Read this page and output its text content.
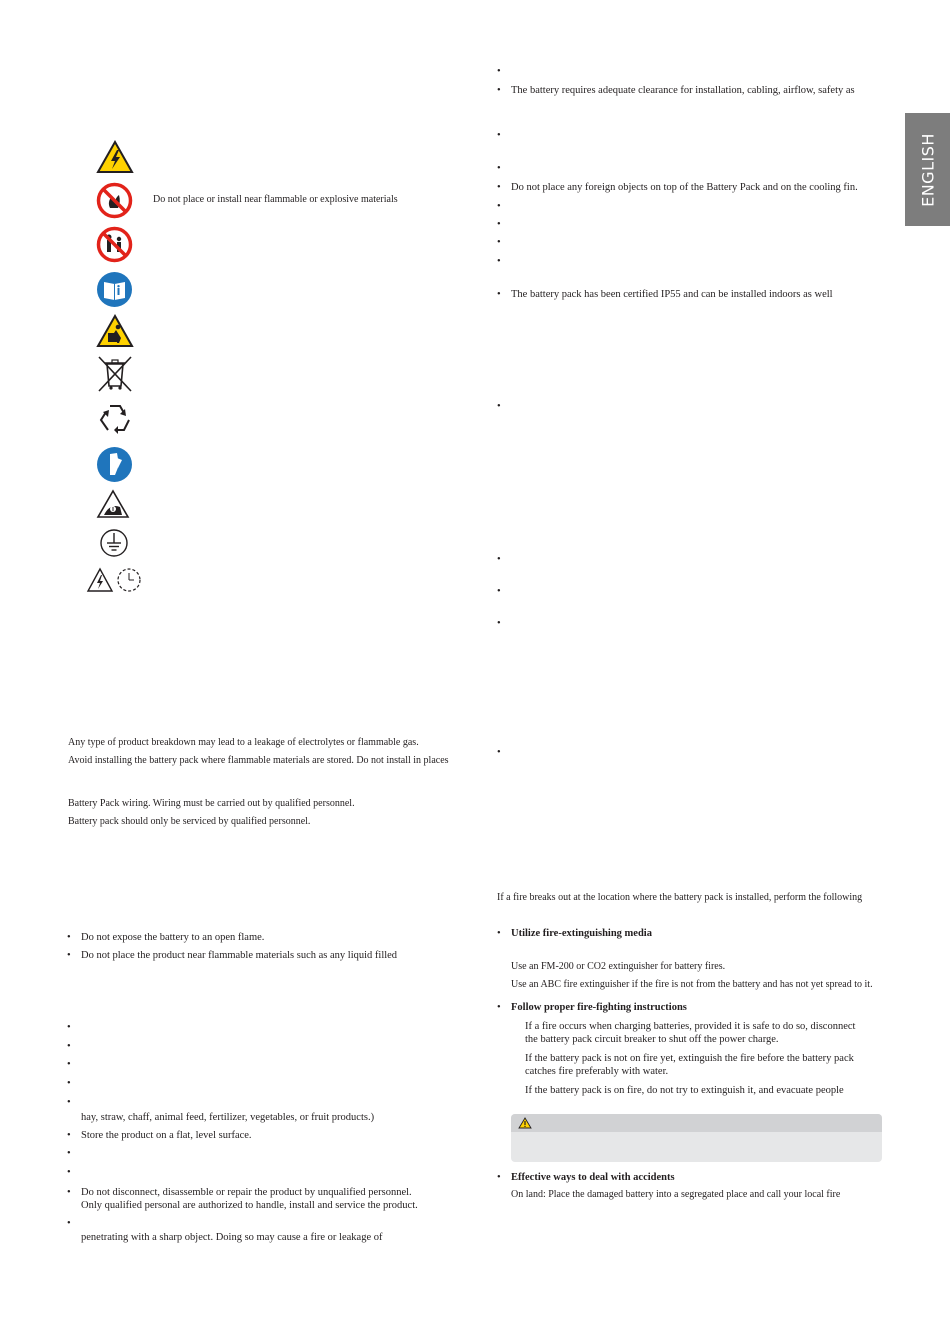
ENGLISH
Do not place or install near flammable or explosive materials
Any type of product breakdown may lead to a leakage of electrolytes or flammable gas.
Avoid installing the battery pack where flammable materials are stored. Do not install in places
Battery Pack wiring. Wiring must be carried out by qualified personnel.
Battery pack should only be serviced by qualified personnel.
• Do not expose the battery to an open flame.
• Do not place the product near flammable materials such as any liquid filled
•
•
•
•
•
hay, straw, chaff, animal feed, fertilizer, vegetables, or fruit products.)
• Store the product on a flat, level surface.
•
•
• Do not disconnect, disassemble or repair the product by unqualified personnel.
Only qualified personal are authorized to handle, install and service the product.
•
penetrating with a sharp object. Doing so may cause a fire or leakage of
•
• The battery requires adequate clearance for installation, cabling, airflow, safety as
•
•
• Do not place any foreign objects on top of the Battery Pack and on the cooling fin.
•
•
•
•
• The battery pack has been certified IP55 and can be installed indoors as well
•
•
•
•
•
If a fire breaks out at the location where the battery pack is installed, perform the following
• Utilize fire-extinguishing media
Use an FM-200 or CO2 extinguisher for battery fires.
Use an ABC fire extinguisher if the fire is not from the battery and has not yet spread to it.
• Follow proper fire-fighting instructions
If a fire occurs when charging batteries, provided it is safe to do so, disconnect
the battery pack circuit breaker to shut off the power charge.
If the battery pack is not on fire yet, extinguish the fire before the battery pack
catches fire preferably with water.
If the battery pack is on fire, do not try to extinguish it, and evacuate people
• Effective ways to deal with accidents
On land: Place the damaged battery into a segregated place and call your local fire
